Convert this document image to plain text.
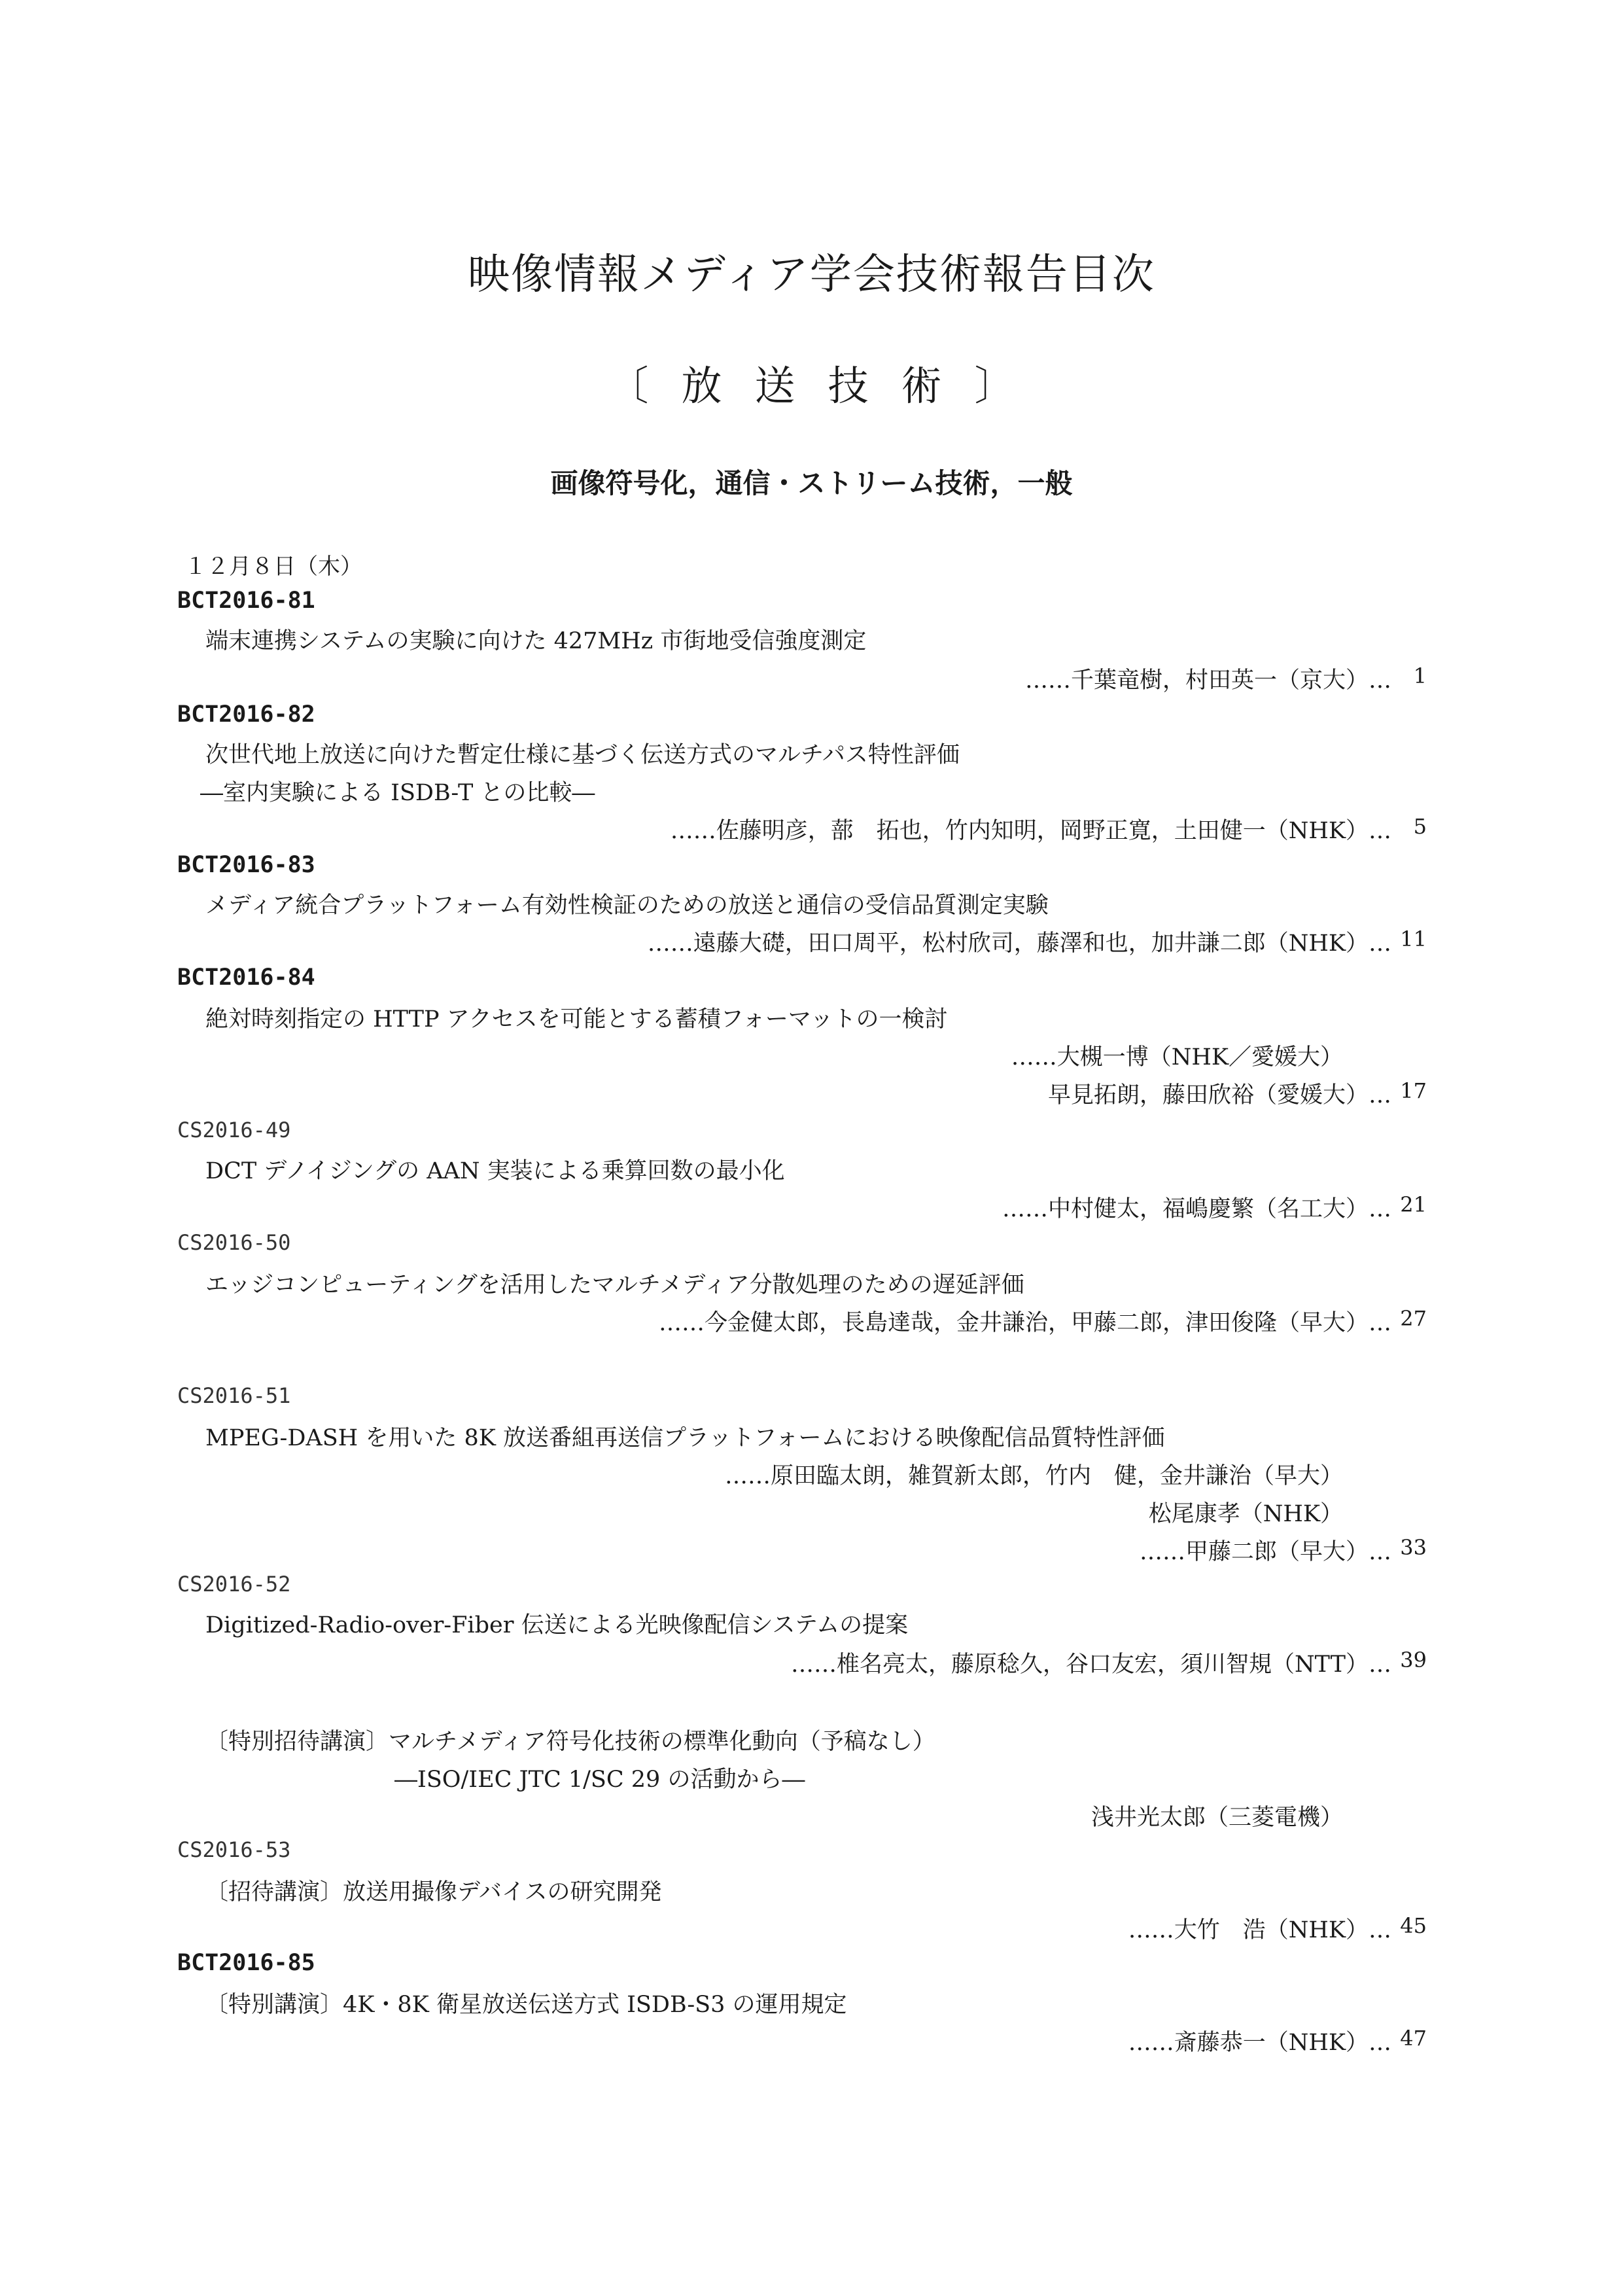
映像情報メディア学会技術報告目次
〔放送技術〕
画像符号化，通信・ストリーム技術，一般
１２月８日（木）
BCT2016-81
端末連携システムの実験に向けた 427MHz 市街地受信強度測定
……千葉竜樹，村田英一（京大）…	1
BCT2016-82
次世代地上放送に向けた暫定仕様に基づく伝送方式のマルチパス特性評価
―室内実験による ISDB-T との比較―
……佐藤明彦，蔀　拓也，竹内知明，岡野正寛，土田健一（NHK）…	5
BCT2016-83
メディア統合プラットフォーム有効性検証のための放送と通信の受信品質測定実験
……遠藤大礎，田口周平，松村欣司，藤澤和也，加井謙二郎（NHK）… 11
BCT2016-84
絶対時刻指定の HTTP アクセスを可能とする蓄積フォーマットの一検討
……大槻一博（NHK／愛媛大）
早見拓朗，藤田欣裕（愛媛大）… 17
CS2016-49
DCT デノイジングの AAN 実装による乗算回数の最小化
……中村健太，福嶋慶繁（名工大）… 21
CS2016-50
エッジコンピューティングを活用したマルチメディア分散処理のための遅延評価
……今金健太郎，長島達哉，金井謙治，甲藤二郎，津田俊隆（早大）… 27
CS2016-51
MPEG-DASH を用いた 8K 放送番組再送信プラットフォームにおける映像配信品質特性評価
……原田臨太朗，雑賀新太郎，竹内　健，金井謙治（早大）
松尾康孝（NHK）
……甲藤二郎（早大）… 33
CS2016-52
Digitized-Radio-over-Fiber 伝送による光映像配信システムの提案
……椎名亮太，藤原稔久，谷口友宏，須川智規（NTT）… 39
〔特別招待講演〕マルチメディア符号化技術の標準化動向（予稿なし）
―ISO/IEC JTC 1/SC 29 の活動から―
浅井光太郎（三菱電機）
CS2016-53
〔招待講演〕放送用撮像デバイスの研究開発
……大竹　浩（NHK）… 45
BCT2016-85
〔特別講演〕4K・8K 衛星放送伝送方式 ISDB-S3 の運用規定
……斎藤恭一（NHK）… 47
